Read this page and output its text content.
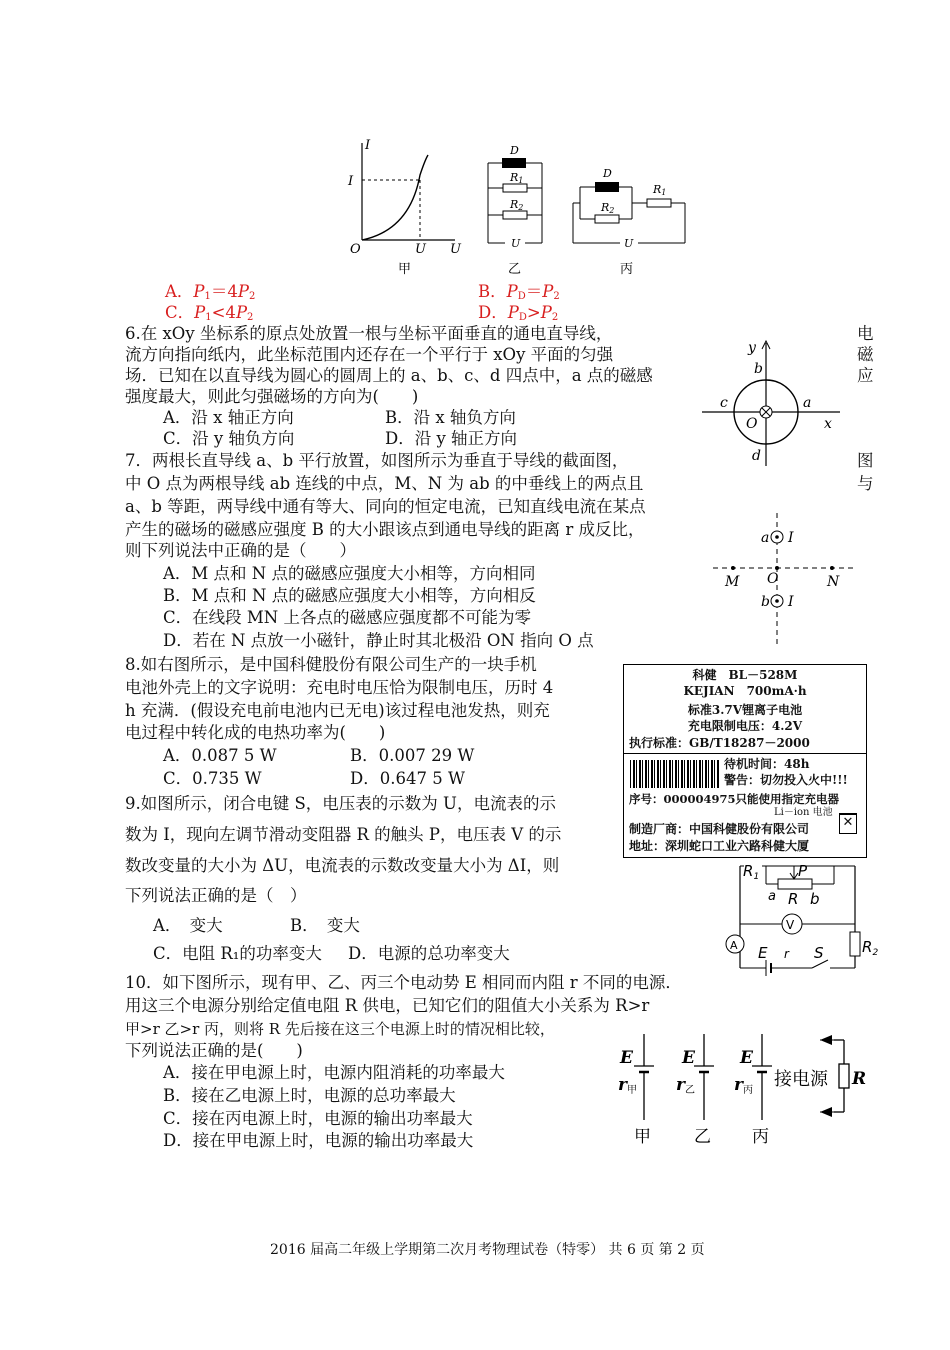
I
I
O	U U
甲
D
R1
R2
U
乙
D
R2
R1
U
丙
A．$P_1=4P_2$	B．$P_D=P_2$
C．$P_1<4P_2$	D．$P_D>P_2$
6.在 xOy 坐标系的原点处放置一根与坐标平面垂直的通电直导线，	电
流方向指向纸内，此坐标范围内还存在一个平行于 xOy 平面的匀强	磁
场．已知在以直导线为圆心的圆周上的 a、b、c、d 四点中，a 点的磁感	应
强度最大，则此匀强磁场的方向为(　　)
A．沿 x 轴正方向	B．沿 x 轴负方向
C．沿 y 轴负方向	D．沿 y 轴正方向
y
x
a
b
c
d
O
7．两根长直导线 a、b 平行放置，如图所示为垂直于导线的截面图，	图
中 O 点为两根导线 ab 连线的中点，M、N 为 ab 的中垂线上的两点且	与
a、b 等距，两导线中通有等大、同向的恒定电流，已知直线电流在某点
产生的磁场的磁感应强度 B 的大小跟该点到通电导线的距离 r 成反比，
则下列说法中正确的是（　　）
A．M 点和 N 点的磁感应强度大小相等，方向相同
B．M 点和 N 点的磁感应强度大小相等，方向相反
C．在线段 MN 上各点的磁感应强度都不可能为零
D．若在 N 点放一小磁针，静止时其北极沿 ON 指向 O 点
a I
b I
M O	N
8.如右图所示，是中国科健股份有限公司生产的一块手机
电池外壳上的文字说明：充电时电压恰为限制电压，历时 4
h 充满．(假设充电前电池内已无电)该过程电池发热，则充
电过程中转化成的电热功率为(　　)
A．0.087 5 W	B．0.007 29 W
C．0.735 W	D．0.647 5 W
科健　BL－528M
KEJIAN　700mA·h
标准3.7V锂离子电池
充电限制电压：4.2V
执行标准：GB/T18287－2000
待机时间：48h
警告：切勿投入火中!!!
序号：000004975只能使用指定充电器
Li－ion 电池
制造厂商：中国科健股份有限公司
地址：深圳蛇口工业六路科健大厦
✕
9.如图所示，闭合电键 S，电压表的示数为 U，电流表的示
数为 I，现向左调节滑动变阻器 R 的触头 P，电压表 V 的示
数改变量的大小为 ΔU，电流表的示数改变量大小为 ΔI，则
下列说法正确的是（　）
A．　变大	B．　变大
C．电阻 R₁的功率变大 D．电源的总功率变大
$R_1$	P
R
a b
V
A	$R_2$
E r S
10．如下图所示，现有甲、乙、丙三个电动势 E 相同而内阻 r 不同的电源．
用这三个电源分别给定值电阻 R 供电，已知它们的阻值大小关系为 R>r
甲>r 乙>r 丙，则将 R 先后接在这三个电源上时的情况相比较，
下列说法正确的是(　　)
A．接在甲电源上时，电源内阻消耗的功率最大
B．接在乙电源上时，电源的总功率最大
C．接在丙电源上时，电源的输出功率最大
D．接在甲电源上时，电源的输出功率最大
E
r甲
甲
E
r乙
乙
E
r丙
丙
接电源 R
2016 届高二年级上学期第二次月考物理试卷（特零） 共 6 页 第 2 页
